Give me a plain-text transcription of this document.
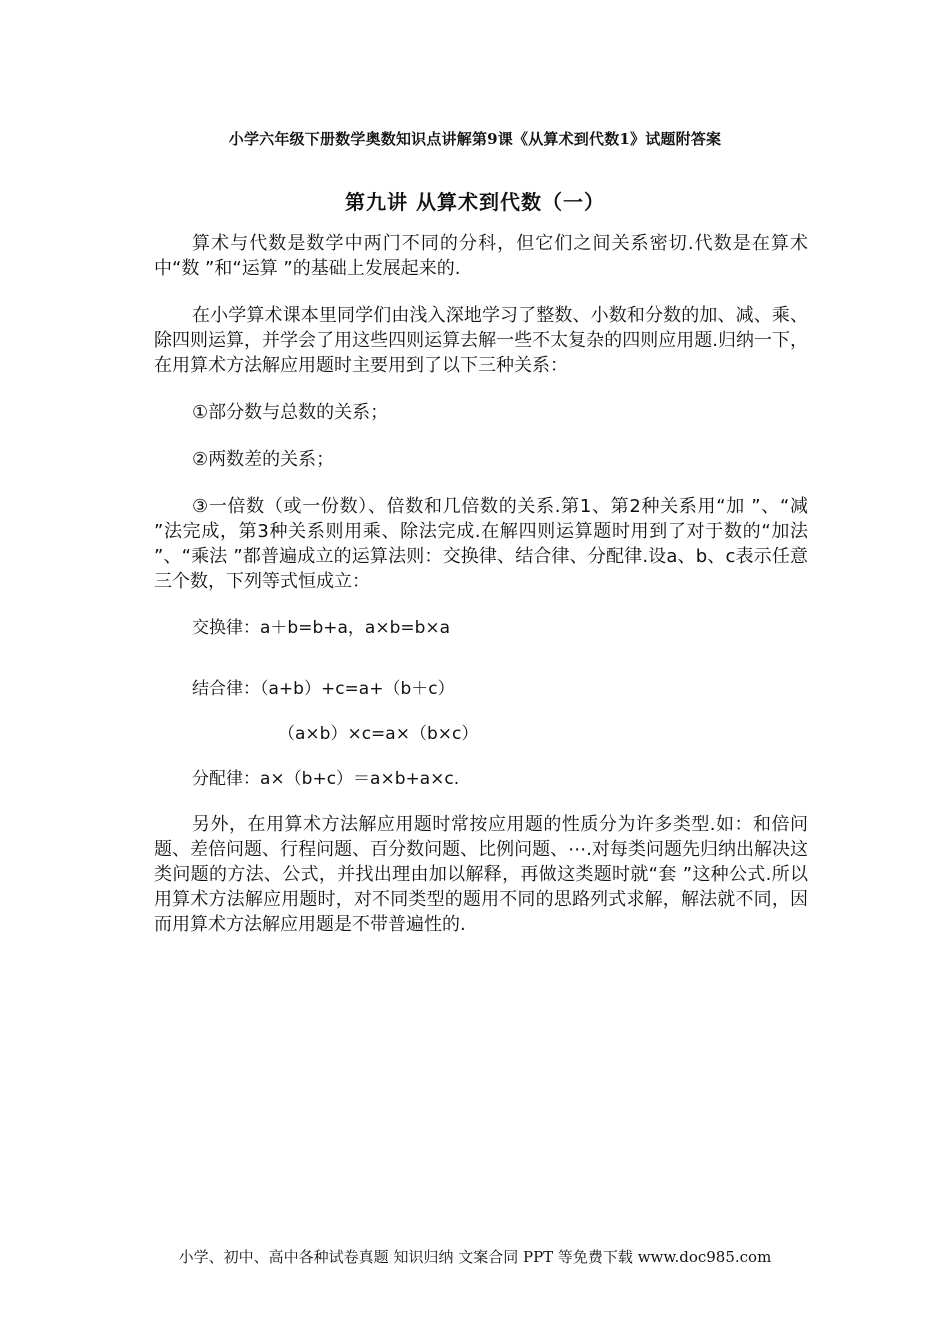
小学六年级下册数学奥数知识点讲解第9课《从算术到代数1》试题附答案
第九讲 从算术到代数（一）

算术与代数是数学中两门不同的分科，但它们之间关系密切.代数是在算术中“数 ”和“运算 ”的基础上发展起来的.

在小学算术课本里同学们由浅入深地学习了整数、小数和分数的加、减、乘、除四则运算，并学会了用这些四则运算去解一些不太复杂的四则应用题.归纳一下，在用算术方法解应用题时主要用到了以下三种关系：

①部分数与总数的关系；

②两数差的关系；

③一倍数（或一份数）、倍数和几倍数的关系.第1、第2种关系用“加 ”、“减 ”法完成，第3种关系则用乘、除法完成.在解四则运算题时用到了对于数的“加法 ”、“乘法 ”都普遍成立的运算法则：交换律、结合律、分配律.设a、b、c表示任意三个数，下列等式恒成立：

交换律：a＋b=b+a，a×b=b×a

结合律：（a+b）+c=a+（b＋c）

（a×b）×c=a×（b×c）

分配律：a×（b+c）＝a×b+a×c.

另外，在用算术方法解应用题时常按应用题的性质分为许多类型.如：和倍问题、差倍问题、行程问题、百分数问题、比例问题、⋯.对每类问题先归纳出解决这类问题的方法、公式，并找出理由加以解释，再做这类题时就“套 ”这种公式.所以用算术方法解应用题时，对不同类型的题用不同的思路列式求解，解法就不同，因而用算术方法解应用题是不带普遍性的.

小学、初中、高中各种试卷真题 知识归纳 文案合同 PPT 等免费下载 www.doc985.com
